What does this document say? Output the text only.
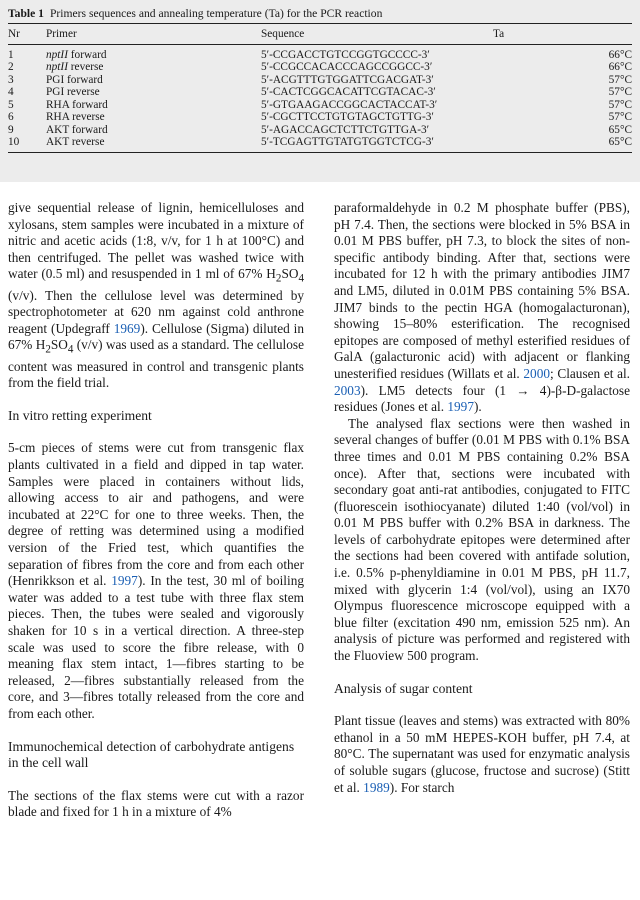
Table 1 Primers sequences and annealing temperature (Ta) for the PCR reaction
Nr	Primer	Sequence	Ta
1	nptII forward	5′-CCGACCTGTCCGGTGCCCC-3′	66°C
2	nptII reverse	5′-CCGCCACACCCAGCCGGCC-3′	66°C
3	PGI forward	5′-ACGTTTGTGGATTCGACGAT-3′	57°C
4	PGI reverse	5′-CACTCGGCACATTCGTACAC-3′	57°C
5	RHA forward	5′-GTGAAGACCGGCACTACCAT-3′	57°C
6	RHA reverse	5′-CGCTTCCTGTGTAGCTGTTG-3′	57°C
9	AKT forward	5′-AGACCAGCTCTTCTGTTGA-3′	65°C
10	AKT reverse	5′-TCGAGTTGTATGTGGTCTCG-3′	65°C

give sequential release of lignin, hemicelluloses and xylosans, stem samples were incubated in a mixture of nitric and acetic acids (1:8, v/v, for 1 h at 100°C) and then centrifuged. The pellet was washed twice with water (0.5 ml) and resuspended in 1 ml of 67% $H_2SO_4$ (v/v). Then the cellulose level was determined by spectrophotometer at 620 nm against cold anthrone reagent (Updegraff 1969). Cellulose (Sigma) diluted in 67% $H_2SO_4$ (v/v) was used as a standard. The cellulose content was measured in control and transgenic plants from the field trial.

In vitro retting experiment

5-cm pieces of stems were cut from transgenic flax plants cultivated in a field and dipped in tap water. Samples were placed in containers without lids, allowing access to air and pathogens, and were incubated at 22°C for one to three weeks. Then, the degree of retting was determined using a modified version of the Fried test, which quantifies the separation of fibres from the core and from each other (Henrikkson et al. 1997). In the test, 30 ml of boiling water was added to a test tube with three flax stem pieces. Then, the tubes were sealed and vigorously shaken for 10 s in a vertical direction. A three-step scale was used to score the fibre release, with 0 meaning flax stem intact, 1—fibres starting to be released, 2—fibres substantially released from the core, and 3—fibres totally released from the core and from each other.

Immunochemical detection of carbohydrate antigens in the cell wall

The sections of the flax stems were cut with a razor blade and fixed for 1 h in a mixture of 4%

paraformaldehyde in 0.2 M phosphate buffer (PBS), pH 7.4. Then, the sections were blocked in 5% BSA in 0.01 M PBS buffer, pH 7.3, to block the sites of non-specific antibody binding. After that, sections were incubated for 12 h with the primary antibodies JIM7 and LM5, diluted in 0.01M PBS containing 5% BSA. JIM7 binds to the pectin HGA (homogalacturonan), showing 15–80% esterification. The recognised epitopes are composed of methyl esterified residues of GalA (galacturonic acid) with adjacent or flanking unesterified residues (Willats et al. 2000; Clausen et al. 2003). LM5 detects four (1 → 4)-β-D-galactose residues (Jones et al. 1997).

The analysed flax sections were then washed in several changes of buffer (0.01 M PBS with 0.1% BSA three times and 0.01 M PBS containing 0.2% BSA once). After that, sections were incubated with secondary goat anti-rat antibodies, conjugated to FITC (fluorescein isothiocyanate) diluted 1:40 (vol/vol) in 0.01 M PBS buffer with 0.2% BSA in darkness. The levels of carbohydrate epitopes were determined after the sections had been covered with antifade solution, i.e. 0.5% p-phenyldiamine in 0.01 M PBS, pH 11.7, mixed with glycerin 1:4 (vol/vol), using an IX70 Olympus fluorescence microscope equipped with a blue filter (excitation 490 nm, emission 525 nm). An analysis of picture was performed and registered with the Fluoview 500 program.

Analysis of sugar content

Plant tissue (leaves and stems) was extracted with 80% ethanol in a 50 mM HEPES-KOH buffer, pH 7.4, at 80°C. The supernatant was used for enzymatic analysis of soluble sugars (glucose, fructose and sucrose) (Stitt et al. 1989). For starch
